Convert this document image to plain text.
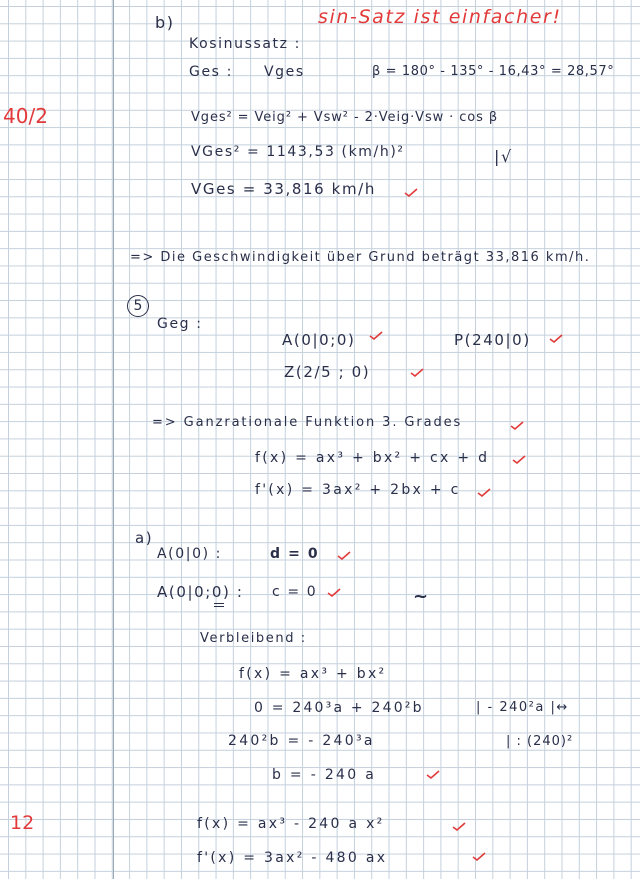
40/2
12
b)	sin-Satz ist einfacher!
Kosinussatz :
Ges : Vges	β = 180° - 135° - 16,43° = 28,57°
Vges² = Veig² + Vsw² - 2·Veig·Vsw · cos β
VGes² = 1143,53 (km/h)²	|√
VGes = 33,816 km/h
=> Die Geschwindigkeit über Grund beträgt 33,816 km/h.
5
Geg :
A(0|0;0)	P(240|0)
Z(2/5 ; 0)
=> Ganzrationale Funktion 3. Grades
f(x) = ax³ + bx² + cx + d
f'(x) = 3ax² + 2bx + c
a)
A(0|0) :	d = 0
A(0|0;0) : c = 0	~
Verbleibend :
f(x) = ax³ + bx²
0 = 240³a + 240²b	| - 240²a |↔
240²b = - 240³a	| : (240)²
b = - 240 a
f(x) = ax³ - 240 a x²
f'(x) = 3ax² - 480 ax
